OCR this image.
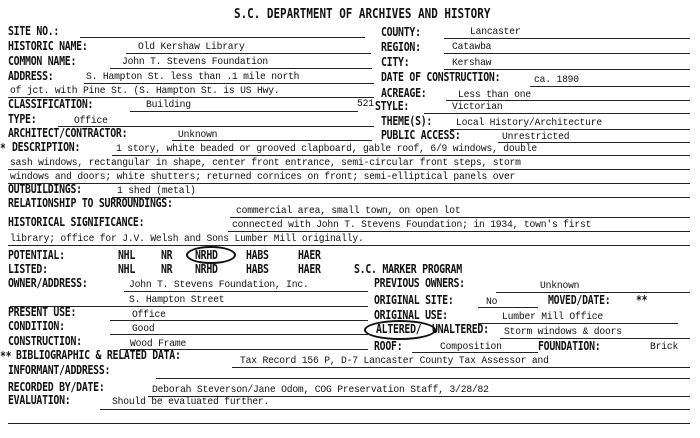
S.C. DEPARTMENT OF ARCHIVES AND HISTORY
SITE NO.:
HISTORIC NAME:	Old Kershaw Library
COMMON NAME:	John T. Stevens Foundation
ADDRESS:	S. Hampton St. less than .1 mile north
of jct. with Pine St. (S. Hampton St. is US Hwy.
CLASSIFICATION:	Building	521
TYPE:	Office
ARCHITECT/CONTRACTOR:	Unknown
* DESCRIPTION:	1 story, white beaded or grooved clapboard, gable roof, 6/9 windows, double
sash windows, rectangular in shape, center front entrance, semi-circular front steps, storm
windows and doors; white shutters; returned cornices on front; semi-elliptical panels over
OUTBUILDINGS:	1 shed (metal)
RELATIONSHIP TO SURROUNDINGS:
commercial area, small town, on open lot
HISTORICAL SIGNIFICANCE:	connected with John T. Stevens Foundation; in 1934, town's first
library; office for J.V. Welsh and Sons Lumber Mill originally.
POTENTIAL:	NHL NR NRHD HABS HAER
LISTED:	NHL NR NRHD HABS HAER	S.C. MARKER PROGRAM
OWNER/ADDRESS:	John T. Stevens Foundation, Inc.
S. Hampton Street
PRESENT USE:	Office
CONDITION:	Good
CONSTRUCTION:	Wood Frame
** BIBLIOGRAPHIC & RELATED DATA:	Tax Record 156 P, D-7 Lancaster County Tax Assessor and
INFORMANT/ADDRESS:
RECORDED BY/DATE:	Deborah Steverson/Jane Odom, COG Preservation Staff, 3/28/82
EVALUATION:	Should be evaluated further.
COUNTY:	Lancaster
REGION:	Catawba
CITY:	Kershaw
DATE OF CONSTRUCTION:	ca. 1890
ACREAGE:	Less than one
STYLE:	Victorian
THEME(S): Local History/Architecture
PUBLIC ACCESS:	Unrestricted
PREVIOUS OWNERS:	Unknown
ORIGINAL SITE:	No	MOVED/DATE: **
ORIGINAL USE:	Lumber Mill Office
ALTERED/ UNALTERED: Storm windows & doors
ROOF:	Composition	FOUNDATION:	Brick
